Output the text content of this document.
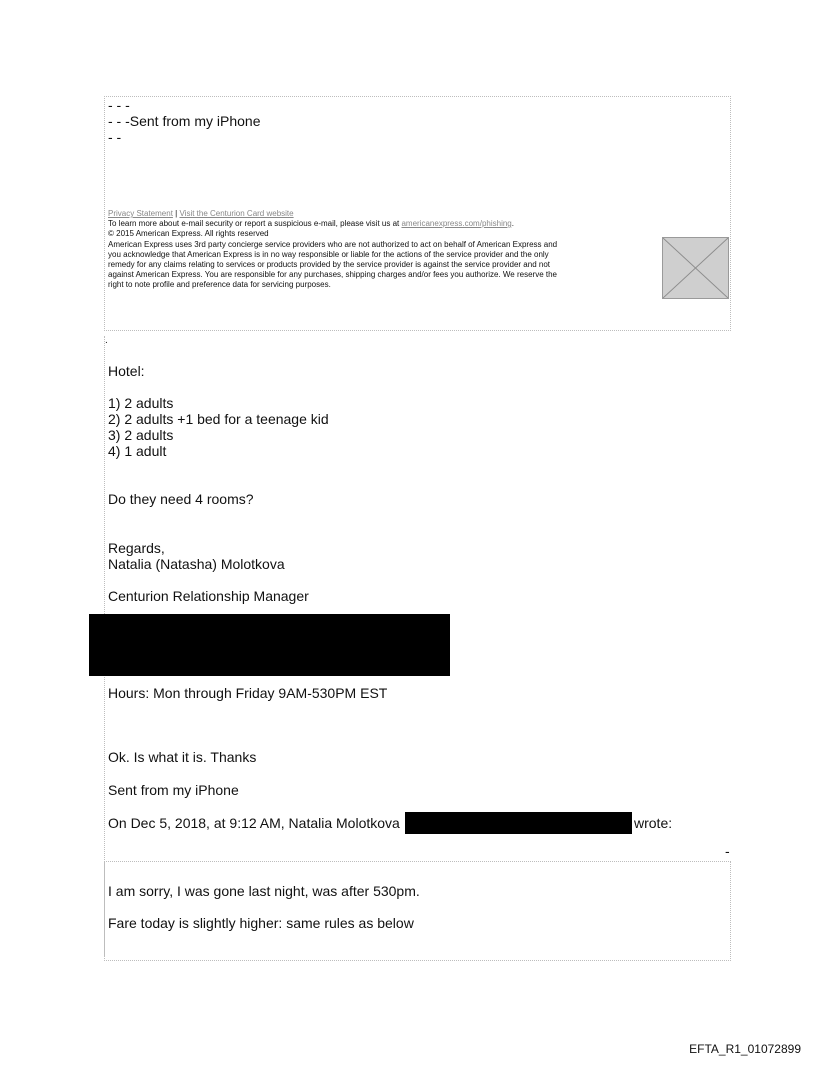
- - -
- - -Sent from my iPhone
- -
Privacy Statement | Visit the Centurion Card website
To learn more about e-mail security or report a suspicious e-mail, please visit us at americanexpress.com/phishing.
© 2015 American Express. All rights reserved
American Express uses 3rd party concierge service providers who are not authorized to act on behalf of American Express and
you acknowledge that American Express is in no way responsible or liable for the actions of the service provider and the only
remedy for any claims relating to services or products provided by the service provider is against the service provider and not
against American Express. You are responsible for any purchases, shipping charges and/or fees you authorize. We reserve the
right to note profile and preference data for servicing purposes.
.
Hotel:
1) 2 adults
2) 2 adults +1 bed for a teenage kid
3) 2 adults
4) 1 adult
Do they need 4 rooms?
Regards,
Natalia (Natasha) Molotkova
Centurion Relationship Manager
Hours: Mon through Friday 9AM-530PM EST
Ok. Is what it is. Thanks
Sent from my iPhone
On Dec 5, 2018, at 9:12 AM, Natalia Molotkova	wrote:
-
I am sorry, I was gone last night, was after 530pm.
Fare today is slightly higher: same rules as below
EFTA_R1_01072899
